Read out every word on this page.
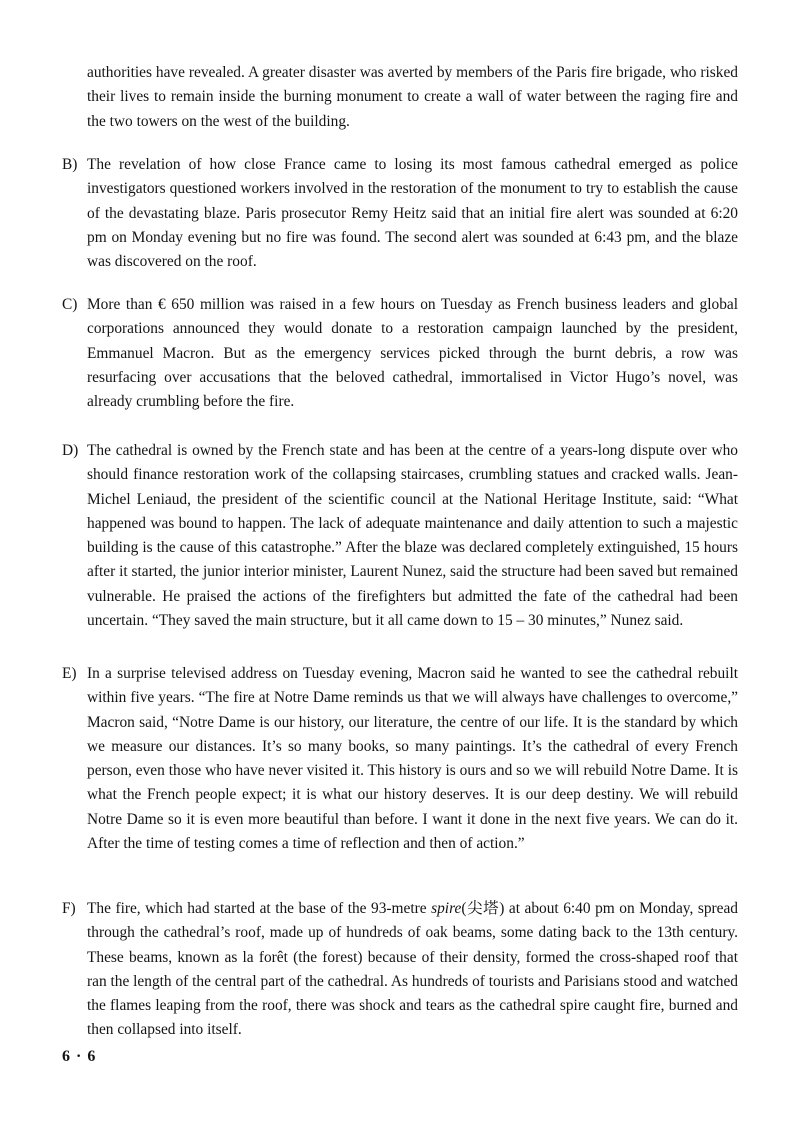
authorities have revealed. A greater disaster was averted by members of the Paris fire brigade, who risked their lives to remain inside the burning monument to create a wall of water between the raging fire and the two towers on the west of the building.
B) The revelation of how close France came to losing its most famous cathedral emerged as police investigators questioned workers involved in the restoration of the monument to try to establish the cause of the devastating blaze. Paris prosecutor Remy Heitz said that an initial fire alert was sounded at 6:20 pm on Monday evening but no fire was found. The second alert was sounded at 6:43 pm, and the blaze was discovered on the roof.
C) More than € 650 million was raised in a few hours on Tuesday as French business leaders and global corporations announced they would donate to a restoration campaign launched by the president, Emmanuel Macron. But as the emergency services picked through the burnt debris, a row was resurfacing over accusations that the beloved cathedral, immortalised in Victor Hugo’s novel, was already crumbling before the fire.
D) The cathedral is owned by the French state and has been at the centre of a years-long dispute over who should finance restoration work of the collapsing staircases, crumbling statues and cracked walls. Jean-Michel Leniaud, the president of the scientific council at the National Heritage Institute, said: “What happened was bound to happen. The lack of adequate maintenance and daily attention to such a majestic building is the cause of this catastrophe.” After the blaze was declared completely extinguished, 15 hours after it started, the junior interior minister, Laurent Nunez, said the structure had been saved but remained vulnerable. He praised the actions of the firefighters but admitted the fate of the cathedral had been uncertain. “They saved the main structure, but it all came down to 15 – 30 minutes,” Nunez said.
E) In a surprise televised address on Tuesday evening, Macron said he wanted to see the cathedral rebuilt within five years. “The fire at Notre Dame reminds us that we will always have challenges to overcome,” Macron said, “Notre Dame is our history, our literature, the centre of our life. It is the standard by which we measure our distances. It’s so many books, so many paintings. It’s the cathedral of every French person, even those who have never visited it. This history is ours and so we will rebuild Notre Dame. It is what the French people expect; it is what our history deserves. It is our deep destiny. We will rebuild Notre Dame so it is even more beautiful than before. I want it done in the next five years. We can do it. After the time of testing comes a time of reflection and then of action.”
F) The fire, which had started at the base of the 93-metre spire(尖塔) at about 6:40 pm on Monday, spread through the cathedral’s roof, made up of hundreds of oak beams, some dating back to the 13th century. These beams, known as la forêt (the forest) because of their density, formed the cross-shaped roof that ran the length of the central part of the cathedral. As hundreds of tourists and Parisians stood and watched the flames leaping from the roof, there was shock and tears as the cathedral spire caught fire, burned and then collapsed into itself.
6 · 6
